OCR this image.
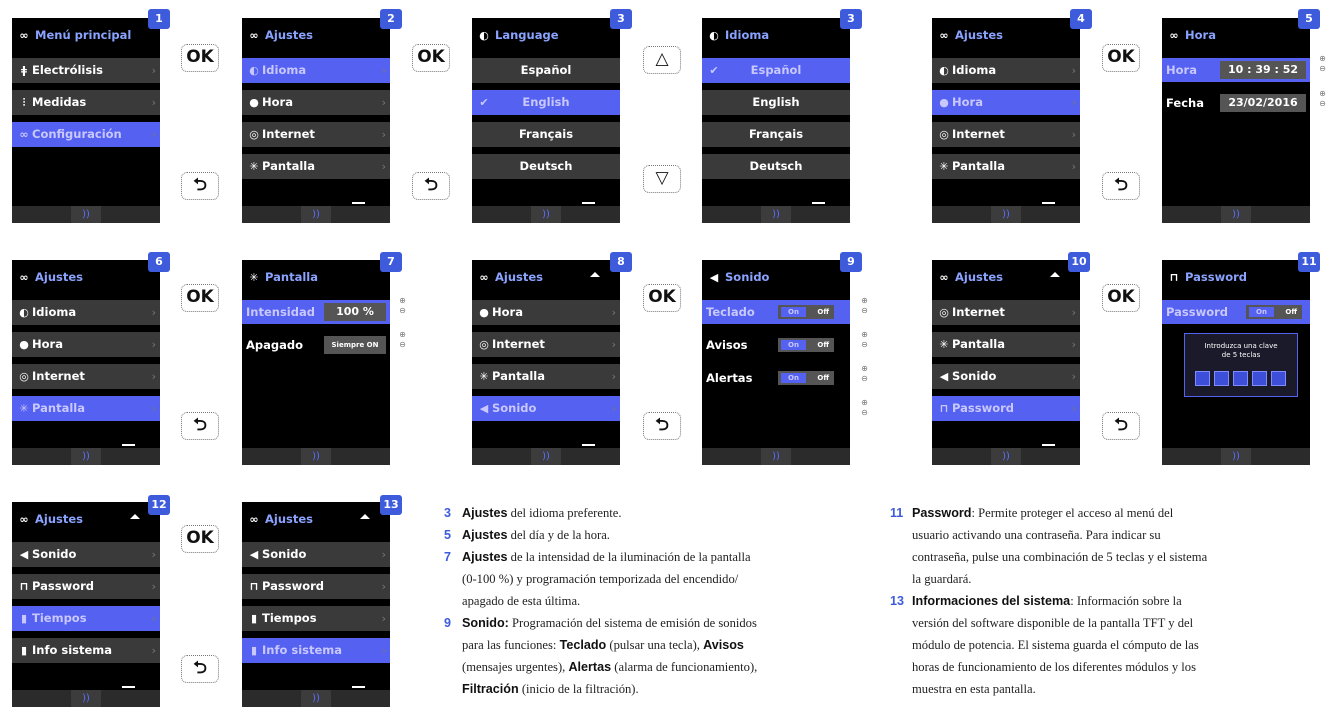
∞ Menú principal
ǂ Electrólisis	›
⫶ Medidas	›
∞ Configuración	›
))
1
OK
⮌
∞ Ajustes
◐ Idioma	›
● Hora	›
◎ Internet	›
✳ Pantalla	›
))
2
OK
⮌
◐ Language
Español
✔	English
Français
Deutsch
))
3
△
▽
◐ Idioma
✔	Español
English
Français
Deutsch
))
3
∞ Ajustes
◐ Idioma	›
● Hora	›
◎ Internet	›
✳ Pantalla	›
))
4
OK
⮌
∞ Hora
Hora	10 : 39 : 52
Fecha	23/02/2016
))
5
⊕
⊖
⊕
⊖
∞ Ajustes
◐ Idioma	›
● Hora	›
◎ Internet	›
✳ Pantalla	›
))
6
OK
⮌
✳ Pantalla
Intensidad	100 %
Apagado	Siempre ON
))
7
⊕
⊖
⊕
⊖
∞ Ajustes
● Hora	›
◎ Internet	›
✳ Pantalla	›
◀ Sonido	›
))
8
OK
⮌
◀ Sonido
Teclado	On	Off
Avisos	On	Off
Alertas	On	Off
))
9
⊕
⊖
⊕
⊖
⊕
⊖
⊕
⊖
∞ Ajustes
◎ Internet	›
✳ Pantalla	›
◀ Sonido	›
⊓ Password	›
))
10
OK
⮌
⊓ Password
Password	On	Off
Introduzca una clave
de 5 teclas
))
11
∞ Ajustes
◀ Sonido	›
⊓ Password	›
▮ Tiempos	›
▮ Info sistema	›
))
12
OK
⮌
∞ Ajustes
◀ Sonido	›
⊓ Password	›
▮ Tiempos	›
▮ Info sistema	›
))
13
3 Ajustes del idioma preferente.
5 Ajustes del día y de la hora.
7 Ajustes de la intensidad de la iluminación de la pantalla
(0-100 %) y programación temporizada del encendido/
apagado de esta última.
9 Sonido: Programación del sistema de emisión de sonidos
para las funciones: Teclado (pulsar una tecla), Avisos
(mensajes urgentes), Alertas (alarma de funcionamiento),
Filtración (inicio de la filtración).
11 Password: Permite proteger el acceso al menú del
usuario activando una contraseña. Para indicar su
contraseña, pulse una combinación de 5 teclas y el sistema
la guardará.
13 Informaciones del sistema: Información sobre la
versión del software disponible de la pantalla TFT y del
módulo de potencia. El sistema guarda el cómputo de las
horas de funcionamiento de los diferentes módulos y los
muestra en esta pantalla.
